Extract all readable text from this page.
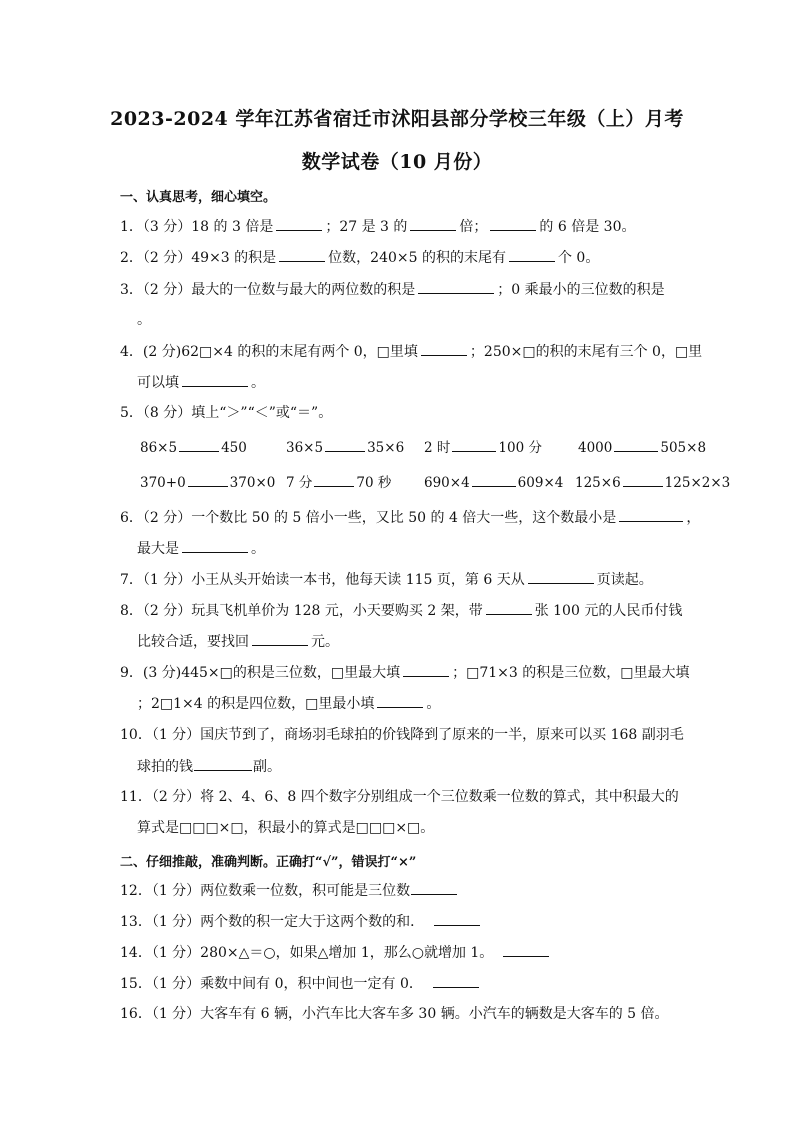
2023-2024 学年江苏省宿迁市沭阳县部分学校三年级（上）月考
数学试卷（10 月份）
一、认真思考，细心填空。
1．（3 分）18 的 3 倍是	；27 是 3 的	倍；	的 6 倍是 30。
2．（2 分）49×3 的积是	位数，240×5 的积的末尾有	个 0。
3．（2 分）最大的一位数与最大的两位数的积是	；0 乘最小的三位数的积是
。
4．(2 分)62□×4 的积的末尾有两个 0，□里填	；250×□的积的末尾有三个 0，□里
可以填	。
5．（8 分）填上“＞”“＜”或“＝”。
86×5	450	36×5	35×6 2 时	100 分	4000	505×8
370+0	370×0 7 分	70 秒 690×4	609×4 125×6	125×2×3
6．（2 分）一个数比 50 的 5 倍小一些，又比 50 的 4 倍大一些，这个数最小是	，
最大是	。
7．（1 分）小王从头开始读一本书，他每天读 115 页，第 6 天从	页读起。
8．（2 分）玩具飞机单价为 128 元，小天要购买 2 架，带	张 100 元的人民币付钱
比较合适，要找回	元。
9．(3 分)445×□的积是三位数，□里最大填	；□71×3 的积是三位数，□里最大填
；2□1×4 的积是四位数，□里最小填	。
10．（1 分）国庆节到了，商场羽毛球拍的价钱降到了原来的一半，原来可以买 168 副羽毛
球拍的钱	副。
11．（2 分）将 2、4、6、8 四个数字分别组成一个三位数乘一位数的算式，其中积最大的
算式是□□□×□，积最小的算式是□□□×□。
二、仔细推敲，准确判断。正确打“√”，错误打“×”
12．（1 分）两位数乘一位数，积可能是三位数
13．（1 分）两个数的积一定大于这两个数的和．
14．（1 分）280×△＝○，如果△增加 1，那么○就增加 1。
15．（1 分）乘数中间有 0，积中间也一定有 0．
16．（1 分）大客车有 6 辆，小汽车比大客车多 30 辆。小汽车的辆数是大客车的 5 倍。
